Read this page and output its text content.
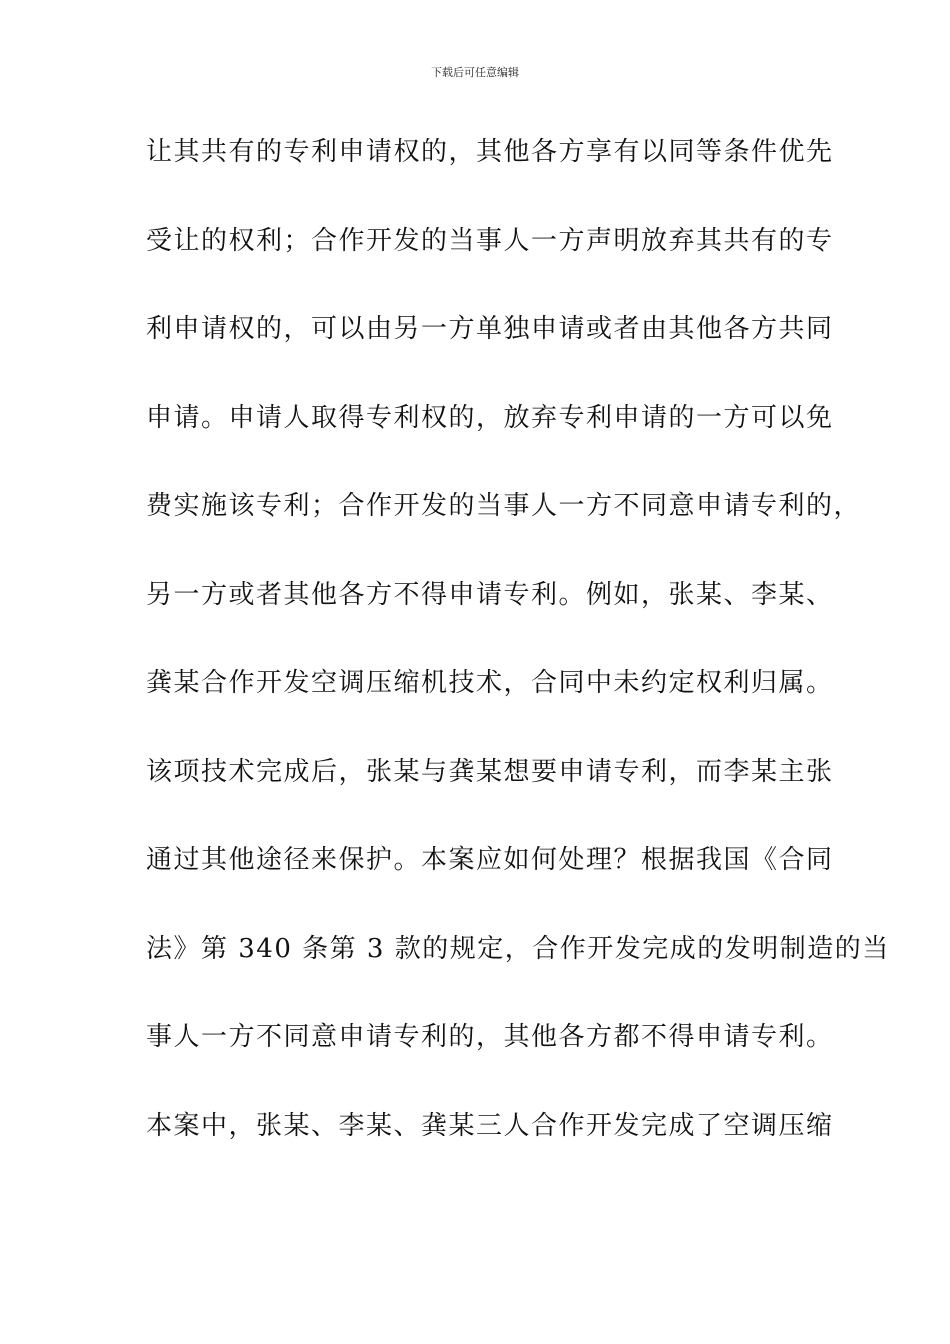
下载后可任意编辑
让其共有的专利申请权的，其他各方享有以同等条件优先
受让的权利；合作开发的当事人一方声明放弃其共有的专
利申请权的，可以由另一方单独申请或者由其他各方共同
申请。申请人取得专利权的，放弃专利申请的一方可以免
费实施该专利；合作开发的当事人一方不同意申请专利的，
另一方或者其他各方不得申请专利。例如，张某、李某、
龚某合作开发空调压缩机技术，合同中未约定权利归属。
该项技术完成后，张某与龚某想要申请专利，而李某主张
通过其他途径来保护。本案应如何处理？根据我国《合同
法》第 340 条第 3 款的规定，合作开发完成的发明制造的当
事人一方不同意申请专利的，其他各方都不得申请专利。
本案中，张某、李某、龚某三人合作开发完成了空调压缩
